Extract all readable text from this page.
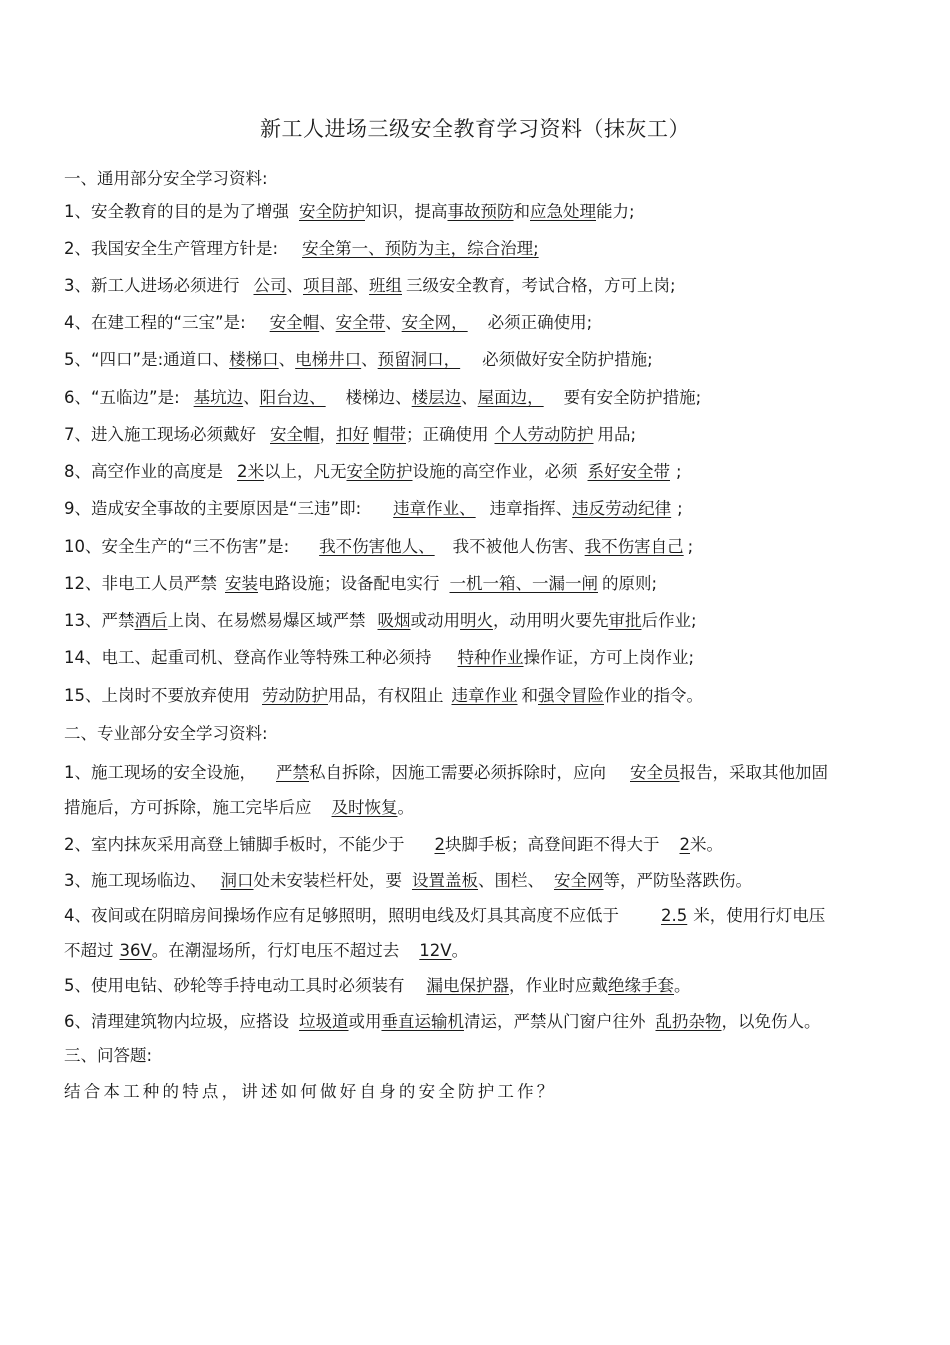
新工人进场三级安全教育学习资料（抹灰工）
一、通用部分安全学习资料:
1、安全教育的目的是为了增强 安全防护知识，提高事故预防和应急处理能力;
2、我国安全生产管理方针是: 安全第一、预防为主，综合治理;
3、新工人进场必须进行 公司、项目部、班组 三级安全教育，考试合格，方可上岗;
4、在建工程的“三宝”是: 安全帽、安全带、安全网， 必须正确使用;
5、“四口”是:通道口、楼梯口、电梯井口、预留洞口， 必须做好安全防护措施;
6、“五临边”是: 基坑边、阳台边、 楼梯边、楼层边、屋面边， 要有安全防护措施;
7、进入施工现场必须戴好 安全帽，扣好 帽带；正确使用 个人劳动防护 用品;
8、高空作业的高度是 2米以上，凡无安全防护设施的高空作业，必须 系好安全带 ;
9、造成安全事故的主要原因是“三违”即: 违章作业、 违章指挥、违反劳动纪律 ;
10、安全生产的“三不伤害”是: 我不伤害他人、 我不被他人伤害、我不伤害自己 ;
12、非电工人员严禁 安装电路设施；设备配电实行 一机一箱、一漏一闸 的原则;
13、严禁酒后上岗、在易燃易爆区域严禁 吸烟或动用明火，动用明火要先审批后作业;
14、电工、起重司机、登高作业等特殊工种必须持 特种作业操作证，方可上岗作业;
15、上岗时不要放弃使用 劳动防护用品，有权阻止 违章作业 和强令冒险作业的指令。
二、专业部分安全学习资料:
1、施工现场的安全设施， 严禁私自拆除，因施工需要必须拆除时，应向 安全员报告，采取其他加固
措施后，方可拆除，施工完毕后应 及时恢复。
2、室内抹灰采用高登上铺脚手板时，不能少于 2块脚手板；高登间距不得大于 2米。
3、施工现场临边、 洞口处未安装栏杆处，要 设置盖板、围栏、 安全网等，严防坠落跌伤。
4、夜间或在阴暗房间操场作应有足够照明，照明电线及灯具其高度不应低于	2.5 米，使用行灯电压
不超过 36V。在潮湿场所，行灯电压不超过去 12V。
5、使用电钻、砂轮等手持电动工具时必须装有 漏电保护器，作业时应戴绝缘手套。
6、清理建筑物内垃圾，应搭设 垃圾道或用垂直运输机清运，严禁从门窗户往外 乱扔杂物，以免伤人。
三、问答题:
结合本工种的特点，讲述如何做好自身的安全防护工作？
